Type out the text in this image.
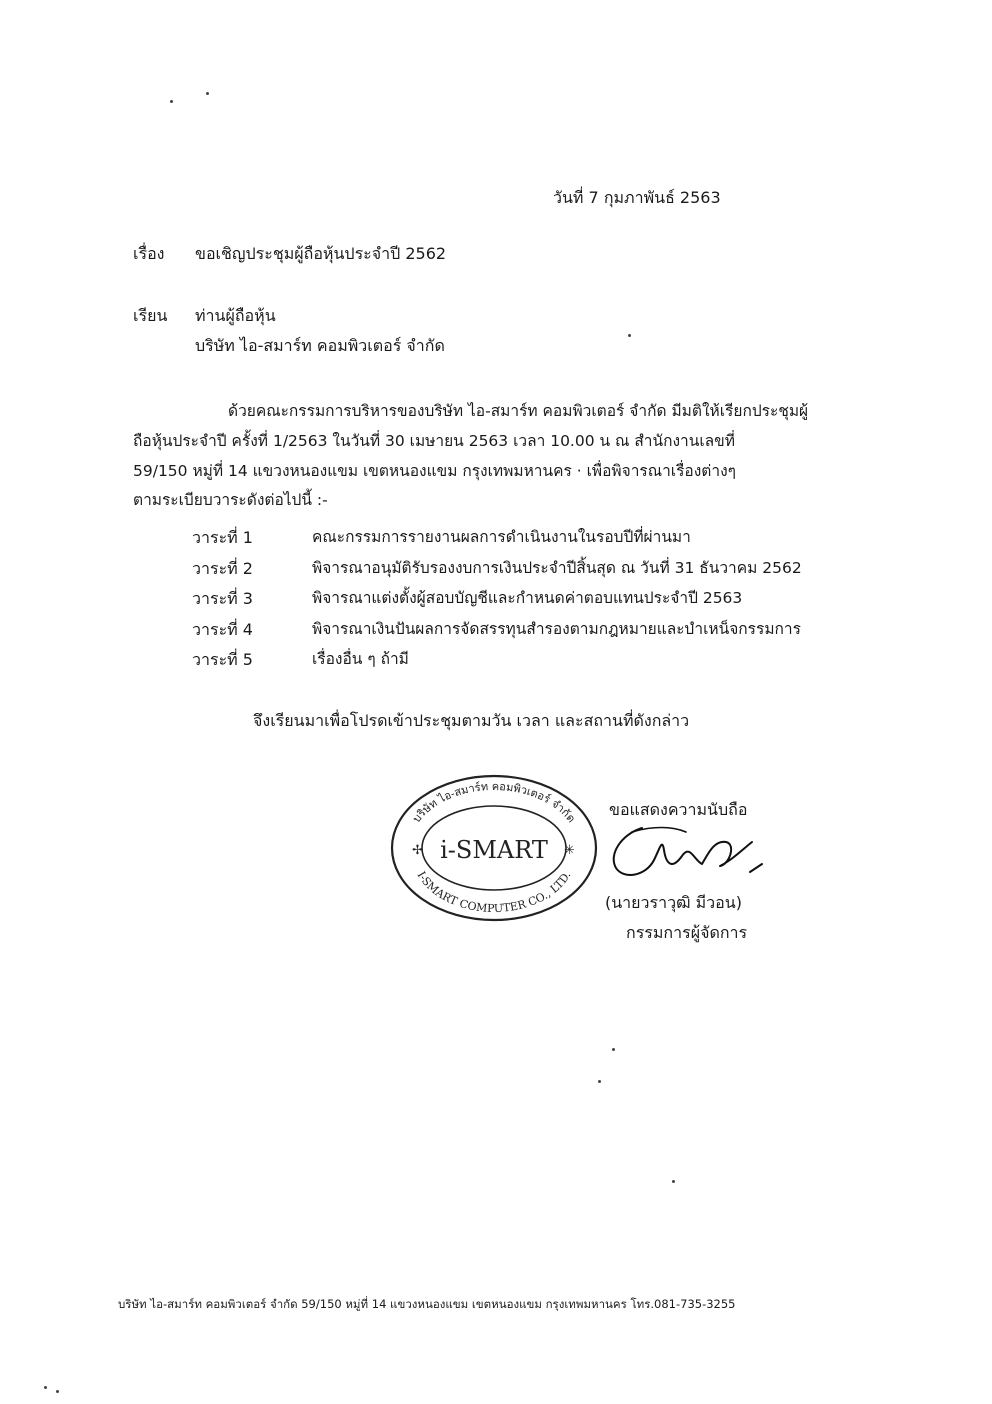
วันที่ 7 กุมภาพันธ์ 2563
เรื่อง ขอเชิญประชุมผู้ถือหุ้นประจำปี 2562
เรียน ท่านผู้ถือหุ้น
บริษัท ไอ-สมาร์ท คอมพิวเตอร์ จำกัด
ด้วยคณะกรรมการบริหารของบริษัท ไอ-สมาร์ท คอมพิวเตอร์ จำกัด มีมติให้เรียกประชุมผู้
ถือหุ้นประจำปี ครั้งที่ 1/2563 ในวันที่ 30 เมษายน 2563 เวลา 10.00 น ณ สำนักงานเลขที่
59/150 หมู่ที่ 14 แขวงหนองแขม เขตหนองแขม กรุงเทพมหานคร · เพื่อพิจารณาเรื่องต่างๆ
ตามระเบียบวาระดังต่อไปนี้ :-
วาระที่ 1	คณะกรรมการรายงานผลการดำเนินงานในรอบปีที่ผ่านมา
วาระที่ 2	พิจารณาอนุมัติรับรองงบการเงินประจำปีสิ้นสุด ณ วันที่ 31 ธันวาคม 2562
วาระที่ 3	พิจารณาแต่งตั้งผู้สอบบัญชีและกำหนดค่าตอบแทนประจำปี 2563
วาระที่ 4	พิจารณาเงินปันผลการจัดสรรทุนสำรองตามกฎหมายและบำเหน็จกรรมการ
วาระที่ 5	เรื่องอื่น ๆ ถ้ามี
จึงเรียนมาเพื่อโปรดเข้าประชุมตามวัน เวลา และสถานที่ดังกล่าว
บริษัท ไอ-สมาร์ท คอมพิวเตอร์ จำกัด
I-SMART COMPUTER CO., LTD.
i-SMART
✢	✳
ขอแสดงความนับถือ
(นายวราวุฒิ มีวอน)
กรรมการผู้จัดการ
บริษัท ไอ-สมาร์ท คอมพิวเตอร์ จำกัด 59/150 หมู่ที่ 14 แขวงหนองแขม เขตหนองแขม กรุงเทพมหานคร โทร.081-735-3255
